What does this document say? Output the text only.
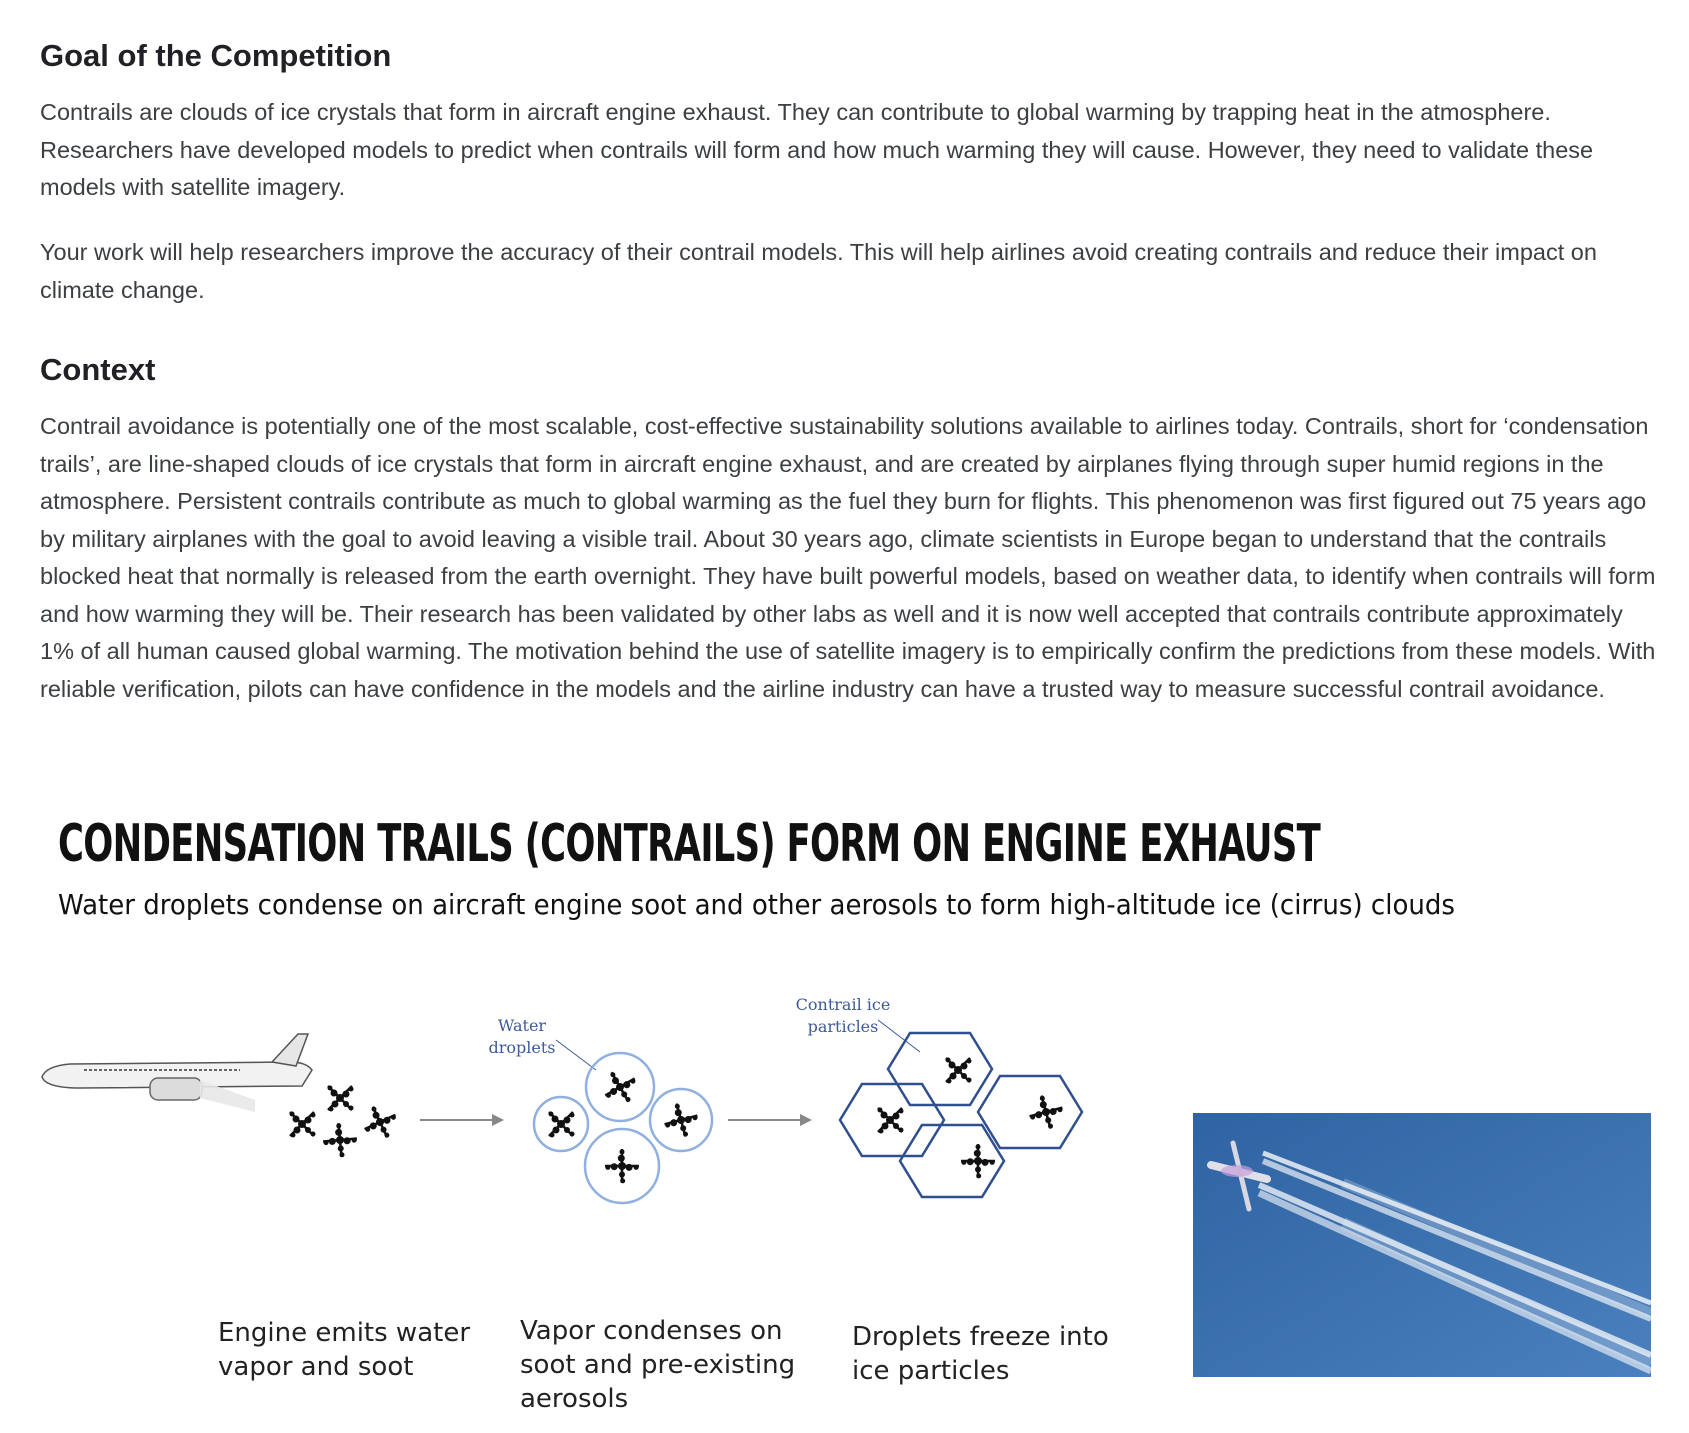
Goal of the Competition

Contrails are clouds of ice crystals that form in aircraft engine exhaust. They can contribute to global warming by trapping heat in the atmosphere. Researchers have developed models to predict when contrails will form and how much warming they will cause. However, they need to validate these models with satellite imagery.

Your work will help researchers improve the accuracy of their contrail models. This will help airlines avoid creating contrails and reduce their impact on climate change.

Context

Contrail avoidance is potentially one of the most scalable, cost-effective sustainability solutions available to airlines today. Contrails, short for ‘condensation trails’, are line-shaped clouds of ice crystals that form in aircraft engine exhaust, and are created by airplanes flying through super humid regions in the atmosphere. Persistent contrails contribute as much to global warming as the fuel they burn for flights. This phenomenon was first figured out 75 years ago by military airplanes with the goal to avoid leaving a visible trail. About 30 years ago, climate scientists in Europe began to understand that the contrails blocked heat that normally is released from the earth overnight. They have built powerful models, based on weather data, to identify when contrails will form and how warming they will be. Their research has been validated by other labs as well and it is now well accepted that contrails contribute approximately 1% of all human caused global warming. The motivation behind the use of satellite imagery is to empirically confirm the predictions from these models. With reliable verification, pilots can have confidence in the models and the airline industry can have a trusted way to measure successful contrail avoidance.

CONDENSATION TRAILS (CONTRAILS) FORM ON ENGINE EXHAUST
Water droplets condense on aircraft engine soot and other aerosols to form high-altitude ice (cirrus) clouds
Water
droplets
Contrail ice
particles

Engine emits water vapor and soot

Vapor condenses on soot and pre-existing aerosols

Droplets freeze into ice particles
